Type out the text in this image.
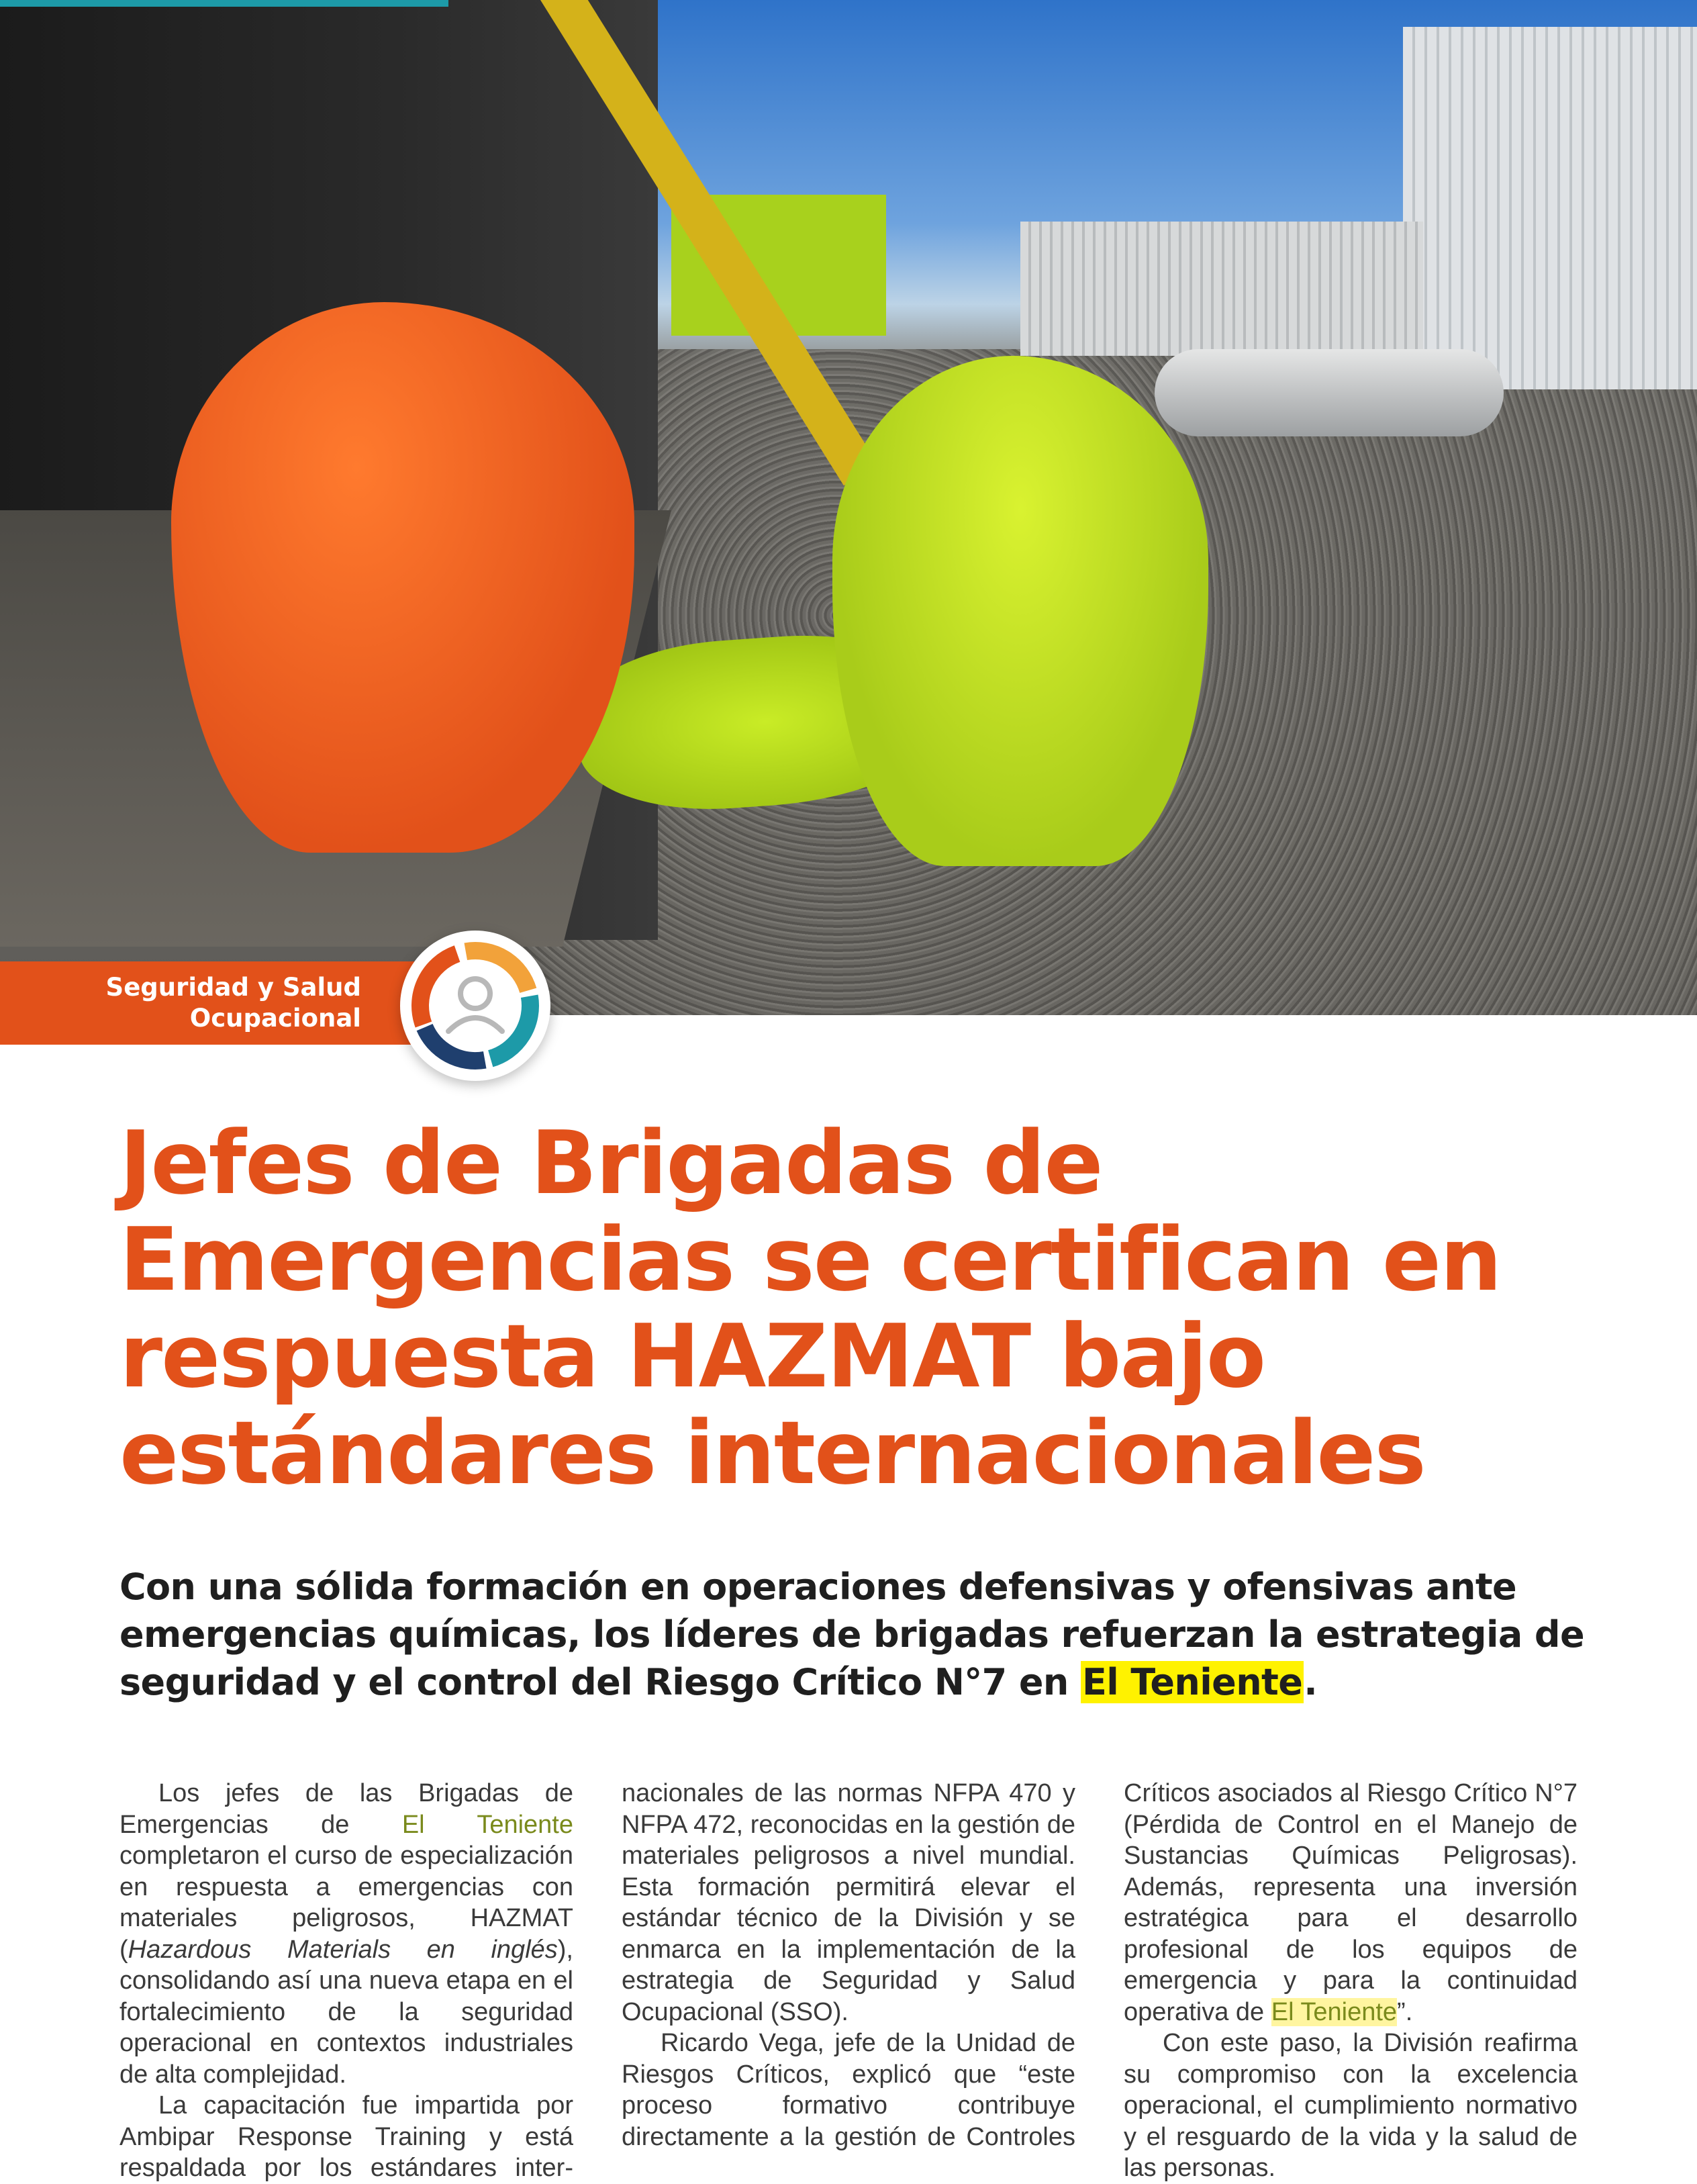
Seguridad y Salud
Ocupacional
Jefes de Brigadas de Emergencias se certifican en respuesta HAZMAT bajo estándares internacionales

Con una sólida formación en operaciones defensivas y ofensivas ante emergencias químicas, los líderes de brigadas refuerzan la estrategia de seguridad y el control del Riesgo Crítico N°7 en El Teniente.

Los jefes de las Brigadas de Emergencias de El Teniente completaron el curso de especialización en respuesta a emergencias con materiales peligrosos, HAZMAT (Hazardous Materials en inglés), consolidando así una nueva etapa en el fortalecimiento de la seguridad operacional en contextos industriales de alta complejidad.

La capacitación fue impartida por Ambipar Response Training y está respaldada por los estándares inter-

nacionales de las normas NFPA 470 y NFPA 472, reconocidas en la gestión de materiales peligrosos a nivel mundial. Esta formación permitirá elevar el estándar técnico de la División y se enmarca en la implementación de la estrategia de Seguridad y Salud Ocupacional (SSO).

Ricardo Vega, jefe de la Unidad de Riesgos Críticos, explicó que “este proceso formativo contribuye directamente a la gestión de Controles

Críticos asociados al Riesgo Crítico N°7 (Pérdida de Control en el Manejo de Sustancias Químicas Peligrosas). Además, representa una inversión estratégica para el desarrollo profesional de los equipos de emergencia y para la continuidad operativa de El Teniente”.

Con este paso, la División reafirma su compromiso con la excelencia operacional, el cumplimiento normativo y el resguardo de la vida y la salud de las personas.
